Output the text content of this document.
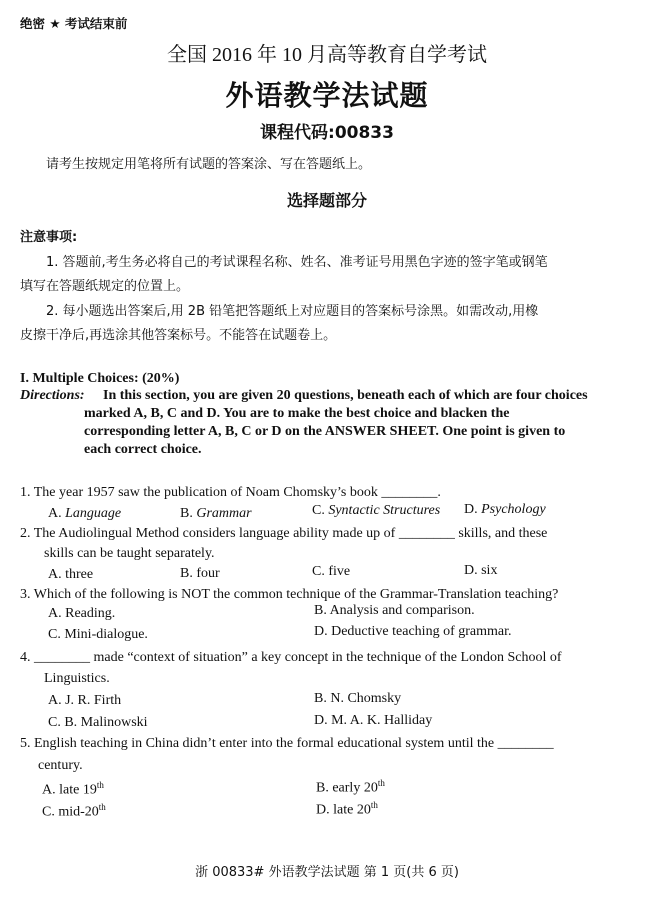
绝密 ★ 考试结束前
全国 2016 年 10 月高等教育自学考试
外语教学法试题
课程代码:00833
请考生按规定用笔将所有试题的答案涂、写在答题纸上。
选择题部分
注意事项:
1. 答题前,考生务必将自己的考试课程名称、姓名、准考证号用黑色字迹的签字笔或钢笔
填写在答题纸规定的位置上。
2. 每小题选出答案后,用 2B 铅笔把答题纸上对应题目的答案标号涂黑。如需改动,用橡
皮擦干净后,再选涂其他答案标号。不能答在试题卷上。
I. Multiple Choices: (20%)
Directions: In this section, you are given 20 questions, beneath each of which are four choices
marked A, B, C and D. You are to make the best choice and blacken the
corresponding letter A, B, C or D on the ANSWER SHEET. One point is given to
each correct choice.
1. The year 1957 saw the publication of Noam Chomsky’s book ________.
A. Language	B. Grammar	C. Syntactic Structures D. Psychology
2. The Audiolingual Method considers language ability made up of ________ skills, and these
skills can be taught separately.
A. three	B. four	C. five	D. six
3. Which of the following is NOT the common technique of the Grammar-Translation teaching?
A. Reading.	B. Analysis and comparison.
C. Mini-dialogue.	D. Deductive teaching of grammar.
4. ________ made “context of situation” a key concept in the technique of the London School of
Linguistics.
A. J. R. Firth	B. N. Chomsky
C. B. Malinowski	D. M. A. K. Halliday
5. English teaching in China didn’t enter into the formal educational system until the ________
century.
A. late 19th	B. early 20th
C. mid-20th	D. late 20th
浙 00833# 外语教学法试题 第 1 页(共 6 页)
